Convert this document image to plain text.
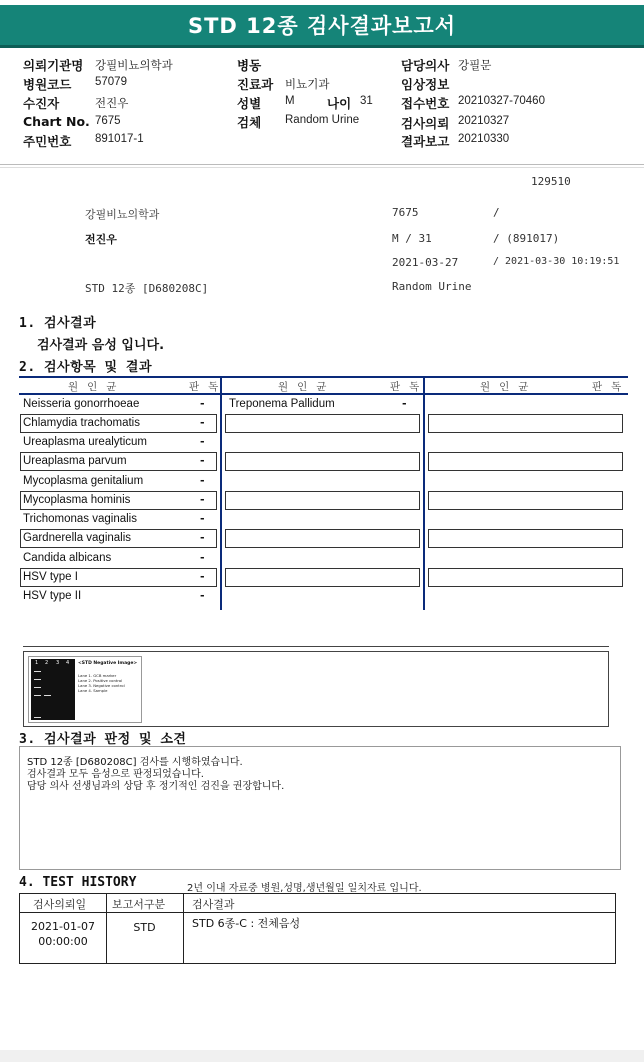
STD 12종 검사결과보고서
의뢰기관명 강필비뇨의학과
병원코드 57079
수진자	전진우
Chart No. 7675
주민번호 891017-1
병동
진료과 비뇨기과
성별 M	나이 31
검체 Random Urine
담당의사 강필문
임상정보
접수번호 20210327-70460
검사의뢰 20210327
결과보고 20210330
129510
강필비뇨의학과	7675	/
전진우	M / 31	/ (891017)
2021-03-27	/ 2021-03-30 10:19:51
STD 12종 [D680208C]	Random Urine
1. 검사결과
검사결과 음성 입니다.
2. 검사항목 및 결과
원인균	판독	원인균	판독	원인균	판독
Neisseria gonorrhoeae	-
Chlamydia trachomatis	-
Ureaplasma urealyticum	-
Ureaplasma parvum	-
Mycoplasma genitalium	-
Mycoplasma hominis	-
Trichomonas vaginalis	-
Gardnerella vaginalis	-
Candida albicans	-
HSV type I	-
HSV type II	-
Treponema Pallidum	-
1 2 3 4 <STD Negative Image>
Lane 1. GCB marker
Lane 2. Positive control
Lane 3. Negative control
Lane 4. Sample
3. 검사결과 판정 및 소견
STD 12종 [D680208C] 검사를 시행하였습니다.
검사결과 모두 음성으로 판정되었습니다.
담당 의사 선생님과의 상담 후 정기적인 검진을 권장합니다.
4. TEST HISTORY	2년 이내 자료중 병원,성명,생년월일 일치자료 입니다.
검사의뢰일 보고서구분 검사결과
2021-01-07
00:00:00
STD	STD 6종-C : 전체음성
